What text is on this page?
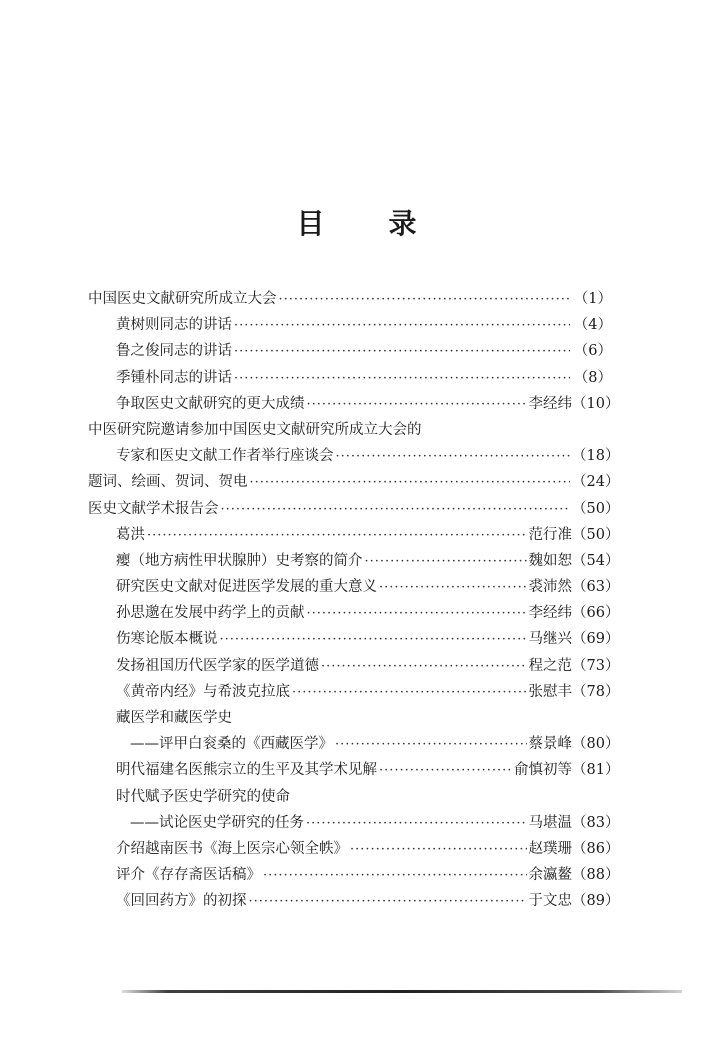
目 录
中国医史文献研究所成立大会 ·····	（1）
黄树则同志的讲话 ·····	（4）
鲁之俊同志的讲话 ·····	（6）
季锺朴同志的讲话 ·····	（8）
争取医史文献研究的更大成绩 ·····	李经纬 （10）
中医研究院邀请参加中国医史文献研究所成立大会的
专家和医史文献工作者举行座谈会 ·····	（18）
题词、绘画、贺词、贺电 ·····	（24）
医史文献学术报告会 ·····	（50）
葛洪 ·····	范行准 （50）
瘿（地方病性甲状腺肿）史考察的简介 ·····	魏如恕 （54）
研究医史文献对促进医学发展的重大意义 ·····	裘沛然 （63）
孙思邈在发展中药学上的贡献 ·····	李经纬 （66）
伤寒论版本概说 ·····	马继兴 （69）
发扬祖国历代医学家的医学道德 ·····	程之范 （73）
《黄帝内经》与希波克拉底 ·····	张慰丰 （78）
藏医学和藏医学史
——评甲白衮桑的《西藏医学》 ·····	蔡景峰 （80）
明代福建名医熊宗立的生平及其学术见解 ·····	俞慎初等 （81）
时代赋予医史学研究的使命
——试论医史学研究的任务 ·····	马堪温 （83）
介绍越南医书《海上医宗心领全帙》 ·····	赵璞珊 （86）
评介《存存斋医话稿》 ·····	余瀛鳌 （88）
《回回药方》的初探 ·····	于文忠 （89）
